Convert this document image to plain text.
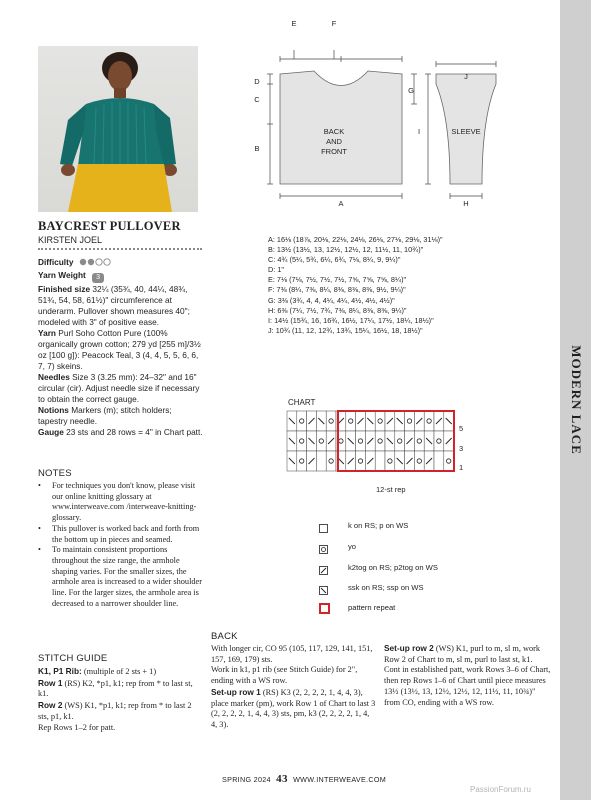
MODERN LACE
BAYCREST PULLOVER
KIRSTEN JOEL
Difficulty
Yarn Weight 3
Finished size 32¼ (35¾, 40, 44¼, 48¾, 51¾, 54, 58, 61½)" circumference at underarm. Pullover shown measures 40"; modeled with 3" of positive ease.
Yarn Purl Soho Cotton Pure (100% organically grown cotton; 279 yd [255 m]/3½ oz [100 g]): Peacock Teal, 3 (4, 4, 5, 5, 6, 6, 7, 7) skeins.
Needles Size 3 (3.25 mm): 24–32" and 16" circular (cir). Adjust needle size if necessary to obtain the correct gauge.
Notions Markers (m); stitch holders; tapestry needle.
Gauge 23 sts and 28 rows = 4" in Chart patt.
NOTES
•	For techniques you don't know, please visit our online knitting glossary at www.interweave.com /interweave-knitting-glossary.
•	This pullover is worked back and forth from the bottom up in pieces and seamed.
•	To maintain consistent proportions throughout the size range, the armhole shaping varies. For the smaller sizes, the armhole area is increased to a wider shoulder line. For the larger sizes, the armhole area is decreased to a narrower shoulder line.
STITCH GUIDE
K1, P1 Rib: (multiple of 2 sts + 1)
Row 1 (RS) K2, *p1, k1; rep from * to last st, k1.
Row 2 (WS) K1, *p1, k1; rep from * to last 2 sts, p1, k1.
Rep Rows 1–2 for patt.
E	F
D
C
B
A
G
J
I
H
BACK
AND
FRONT
SLEEVE
A: 16⅛ (18⅞, 20⅛, 22⅛, 24⅛, 26⅛, 27⅛, 29⅛, 31⅛)"
B: 13½ (13½, 13, 12½, 12½, 12, 11½, 11, 10¾)"
C: 4¾ (5¼, 5¾, 6¼, 6¾, 7⅛, 8¼, 9, 9¼)"
D: 1"
E: 7⅛ (7⅛, 7½, 7½, 7½, 7⅝, 7⅝, 7⅝, 8¼)"
F: 7⅜ (8¼, 7⅜, 8¼, 8⅜, 8⅜, 8⅜, 9½, 9¼)"
G: 3⅜ (3¾, 4, 4, 4¼, 4¼, 4½, 4½, 4½)"
H: 6⅜ (7¼, 7½, 7¾, 7⅜, 8¼, 8⅜, 8⅜, 9¼)"
I: 14½ (15¾, 16, 16¾, 16½, 17¼, 17½, 18¼, 18½)"
J: 10¾ (11, 12, 12¾, 13¾, 15¼, 16½, 18, 18½)"
CHART
5
3
1
12-st rep
k on RS; p on WS
yo
k2tog on RS; p2tog on WS
ssk on RS; ssp on WS
pattern repeat
BACK
With longer cir, CO 95 (105, 117, 129, 141, 151, 157, 169, 179) sts.
Work in k1, p1 rib (see Stitch Guide) for 2", ending with a WS row.
Set-up row 1 (RS) K3 (2, 2, 2, 2, 1, 4, 4, 3), place marker (pm), work Row 1 of Chart to last 3 (2, 2, 2, 2, 1, 4, 4, 3) sts, pm, k3 (2, 2, 2, 2, 1, 4, 4, 3).
Set-up row 2 (WS) K1, purl to m, sl m, work Row 2 of Chart to m, sl m, purl to last st, k1.
Cont in established patt, work Rows 3–6 of Chart, then rep Rows 1–6 of Chart until piece measures 13½ (13½, 13, 12½, 12½, 12, 11½, 11, 10¾)" from CO, ending with a WS row.
SPRING 2024 43 WWW.INTERWEAVE.COM
PassionForum.ru
